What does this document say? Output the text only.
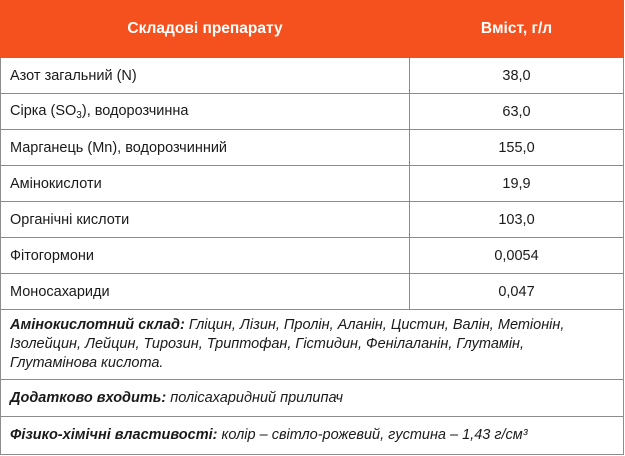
Складові препарату	Вміст, г/л
Азот загальний (N)	38,0
Сірка $(SO_3)$, водорозчинна	63,0
Марганець (Mn), водорозчинний	155,0
Амінокислоти	19,9
Органічні кислоти	103,0
Фітогормони	0,0054
Моносахариди	0,047
Амінокислотний склад: Гліцин, Лізин, Пролін, Аланін, Цистин, Валін, Метіонін, Ізолейцин, Лейцин, Тирозин, Триптофан, Гістидин, Фенілаланін, Глутамін, Глутамінова кислота.	
Додатково входить: полісахаридний прилипач	
Фізико-хімічні властивості: колір – світло-рожевий, густина – 1,43 г/см³	
